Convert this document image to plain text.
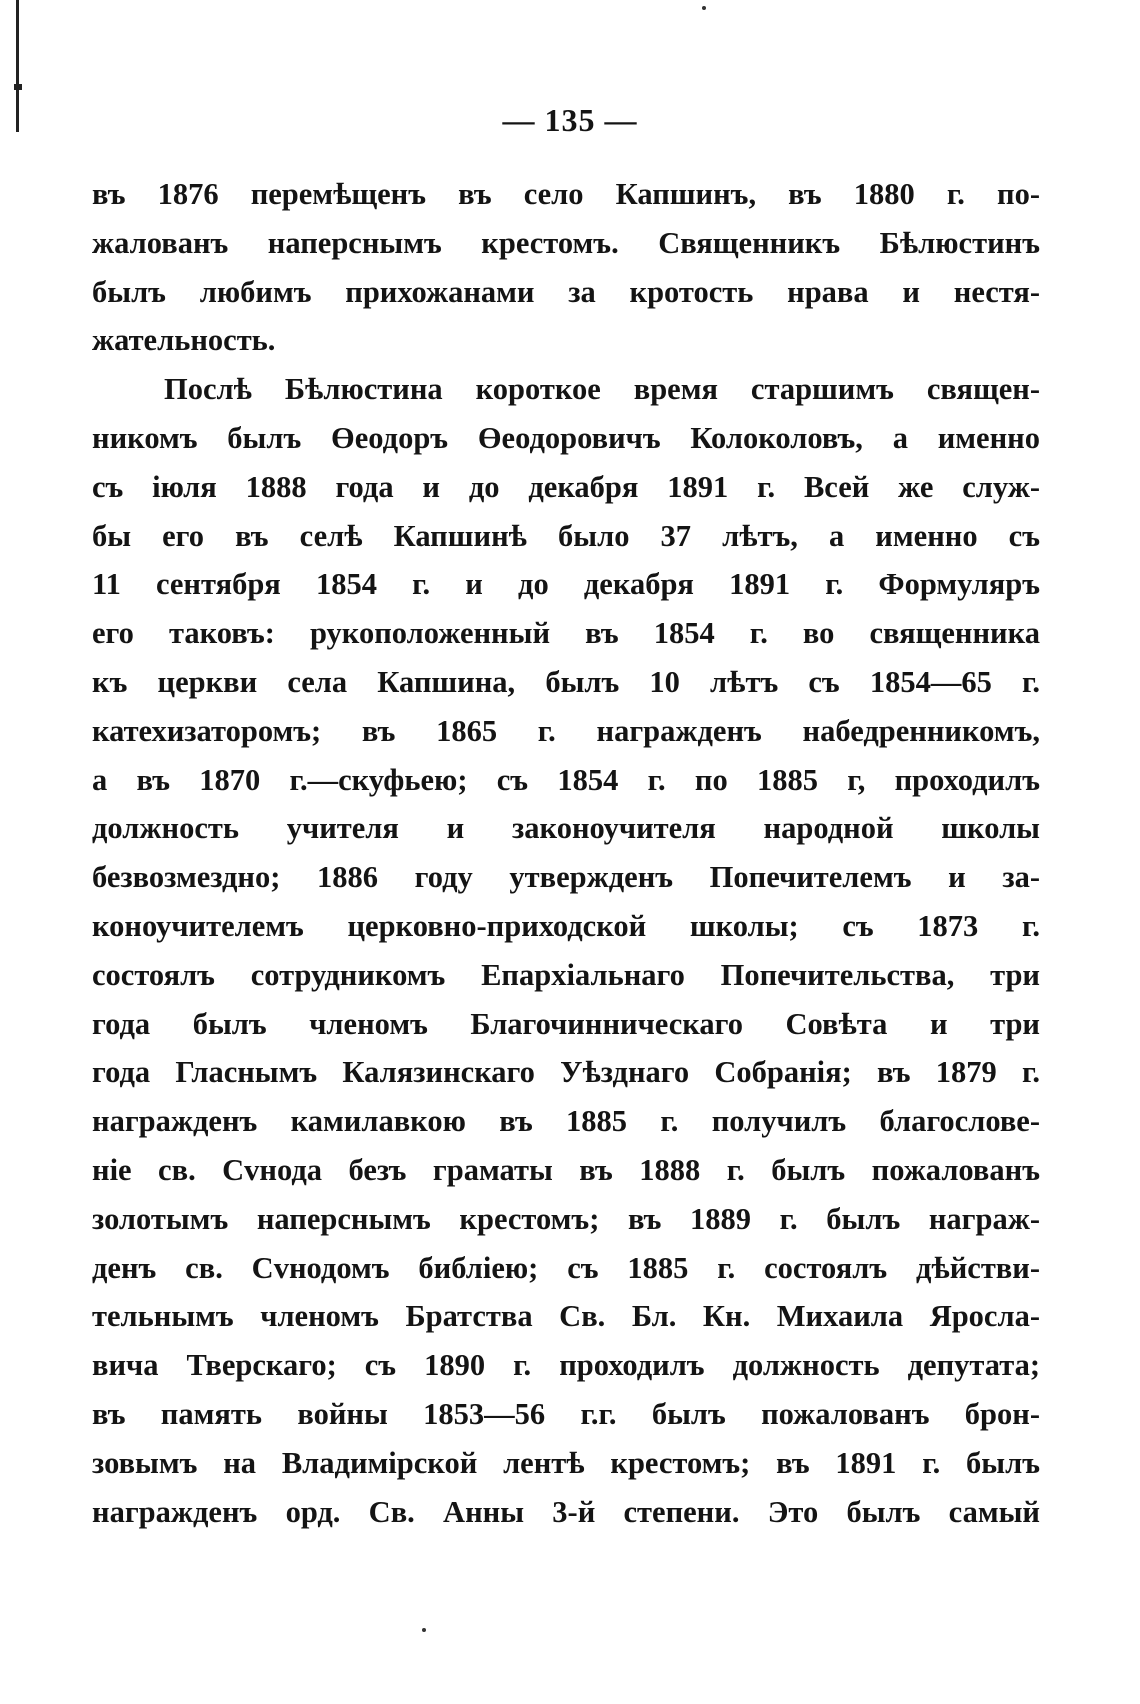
— 135 —
въ 1876 перемѣщенъ въ село Капшинъ, въ 1880 г. по-
жалованъ наперснымъ крестомъ. Священникъ Бѣлюстинъ
былъ любимъ прихожанами за кротость нрава и нестя-
жательность.
Послѣ Бѣлюстина короткое время старшимъ священ-
никомъ былъ Өеодоръ Өеодоровичъ Колоколовъ, а именно
съ іюля 1888 года и до декабря 1891 г. Всей же служ-
бы его въ селѣ Капшинѣ было 37 лѣтъ, а именно съ
11 сентября 1854 г. и до декабря 1891 г. Формуляръ
его таковъ: рукоположенный въ 1854 г. во священника
къ церкви села Капшина, былъ 10 лѣтъ съ 1854—65 г.
катехизаторомъ; въ 1865 г. награжденъ набедренникомъ,
а въ 1870 г.—скуфьею; съ 1854 г. по 1885 г, проходилъ
должность учителя и законоучителя народной школы
безвозмездно; 1886 году утвержденъ Попечителемъ и за-
коноучителемъ церковно-приходской школы; съ 1873 г.
состоялъ сотрудникомъ Епархіальнаго Попечительства, три
года былъ членомъ Благочинническаго Совѣта и три
года Гласнымъ Калязинскаго Уѣзднаго Собранія; въ 1879 г.
награжденъ камилавкою въ 1885 г. получилъ благослове-
ніе св. Сvнода безъ граматы въ 1888 г. былъ пожалованъ
золотымъ наперснымъ крестомъ; въ 1889 г. былъ награж-
денъ св. Сvнодомъ библіею; съ 1885 г. состоялъ дѣйстви-
тельнымъ членомъ Братства Св. Бл. Кн. Михаила Яросла-
вича Тверскаго; съ 1890 г. проходилъ должность депутата;
въ память войны 1853—56 г.г. былъ пожалованъ брон-
зовымъ на Владимірской лентѣ крестомъ; въ 1891 г. былъ
награжденъ орд. Св. Анны 3-й степени. Это былъ самый
